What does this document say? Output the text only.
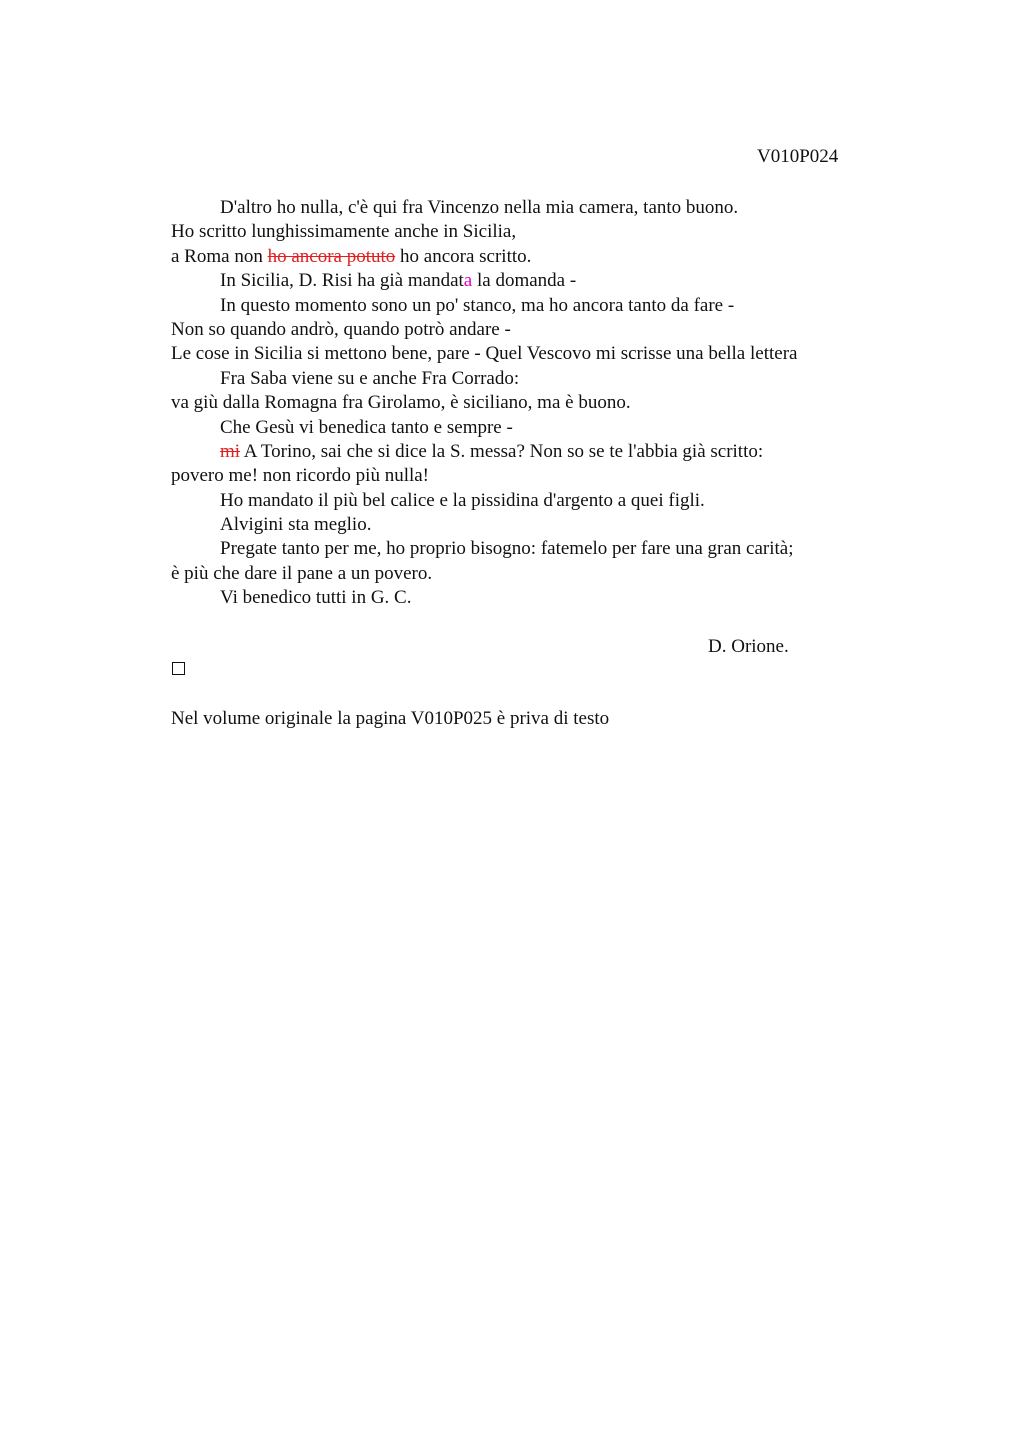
V010P024
D'altro ho nulla, c'è qui fra Vincenzo nella mia camera, tanto buono.
Ho scritto lunghissimamente anche in Sicilia,
a Roma non ho ancora potuto ho ancora scritto.
In Sicilia, D. Risi ha già mandata la domanda -
In questo momento sono un po' stanco, ma ho ancora tanto da fare -
Non so quando andrò, quando potrò andare -
Le cose in Sicilia si mettono bene, pare - Quel Vescovo mi scrisse una bella lettera
Fra Saba viene su e anche Fra Corrado:
va giù dalla Romagna fra Girolamo, è siciliano, ma è buono.
Che Gesù vi benedica tanto e sempre -
mi A Torino, sai che si dice la S. messa? Non so se te l'abbia già scritto:
povero me! non ricordo più nulla!
Ho mandato il più bel calice e la pissidina d'argento a quei figli.
Alvigini sta meglio.
Pregate tanto per me, ho proprio bisogno: fatemelo per fare una gran carità;
è più che dare il pane a un povero.
Vi benedico tutti in G. C.
D. Orione.
Nel volume originale la pagina V010P025 è priva di testo
